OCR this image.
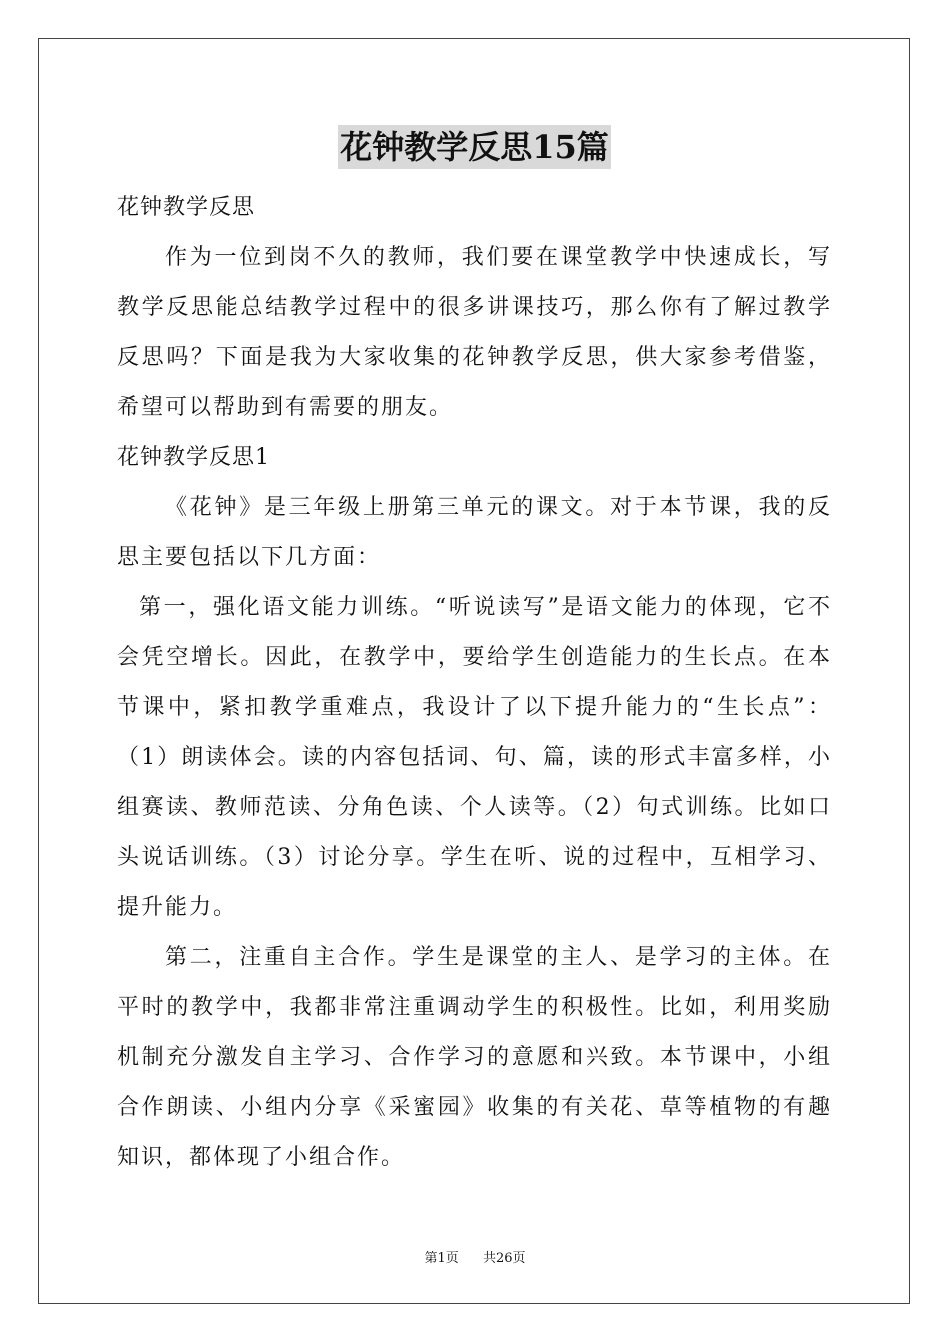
花钟教学反思15篇

花钟教学反思

作为一位到岗不久的教师，我们要在课堂教学中快速成长，写教学反思能总结教学过程中的很多讲课技巧，那么你有了解过教学反思吗？下面是我为大家收集的花钟教学反思，供大家参考借鉴，希望可以帮助到有需要的朋友。

花钟教学反思1

《花钟》是三年级上册第三单元的课文。对于本节课，我的反思主要包括以下几方面：

第一，强化语文能力训练。“听说读写”是语文能力的体现，它不会凭空增长。因此，在教学中，要给学生创造能力的生长点。在本节课中，紧扣教学重难点，我设计了以下提升能力的“生长点”：（1）朗读体会。读的内容包括词、句、篇，读的形式丰富多样，小组赛读、教师范读、分角色读、个人读等。（2）句式训练。比如口头说话训练。（3）讨论分享。学生在听、说的过程中，互相学习、提升能力。

第二，注重自主合作。学生是课堂的主人、是学习的主体。在平时的教学中，我都非常注重调动学生的积极性。比如，利用奖励机制充分激发自主学习、合作学习的意愿和兴致。本节课中，小组合作朗读、小组内分享《采蜜园》收集的有关花、草等植物的有趣知识，都体现了小组合作。

第1页 共26页
